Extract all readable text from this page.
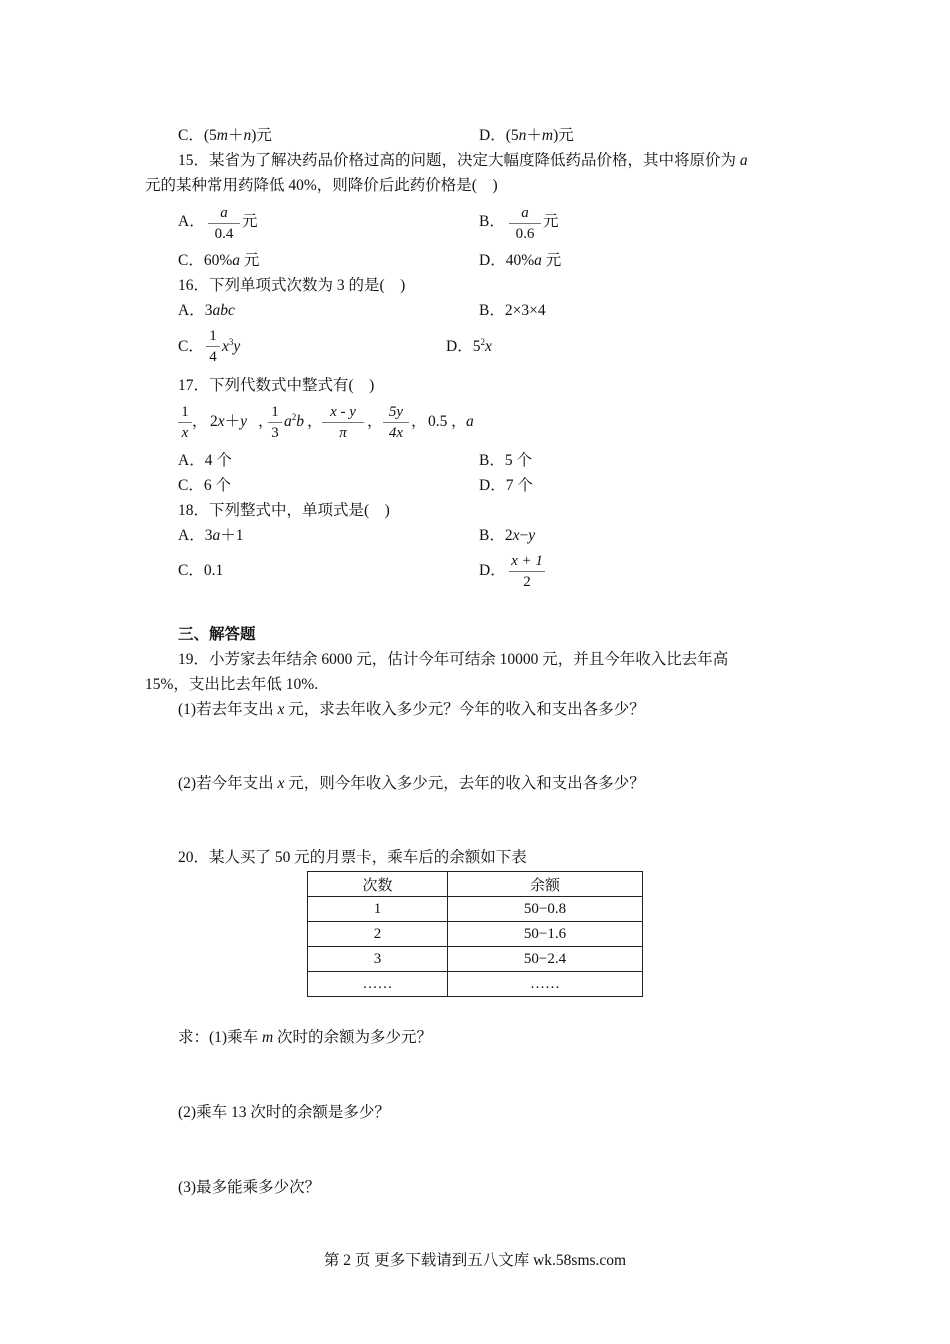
C．(5m＋n)元	D．(5n＋m)元
15．某省为了解决药品价格过高的问题，决定大幅度降低药品价格，其中将原价为 a
元的某种常用药降低 40%，则降价后此药价格是(　)
A．	a
0.4
元	B．	a
0.6
元
C．60%a 元	D．40%a 元
16．下列单项式次数为 3 的是(　)
A．3abc	B．2×3×4
C．
1
4
$x^3y$	D．$5^2x$
17．下列代数式中整式有(　)
1
x
， 2x＋y ，
1
3
$a^2b$ ，
x - y
π
，
5y
4x
， 0.5 ， a
A．4 个	B．5 个
C．6 个	D．7 个
18．下列整式中，单项式是(　)
A．3a＋1	B．2x−y
C．0.1	D．
x + 1
2
三、解答题
19．小芳家去年结余 6000 元，估计今年可结余 10000 元，并且今年收入比去年高
15%，支出比去年低 10%.
(1)若去年支出 x 元，求去年收入多少元？今年的收入和支出各多少？
(2)若今年支出 x 元，则今年收入多少元，去年的收入和支出各多少？
20．某人买了 50 元的月票卡，乘车后的余额如下表
次数	余额
1	50−0.8
2	50−1.6
3	50−2.4
……	……
求：(1)乘车 m 次时的余额为多少元？
(2)乘车 13 次时的余额是多少？
(3)最多能乘多少次？
第 2 页 更多下载请到五八文库 wk.58sms.com
